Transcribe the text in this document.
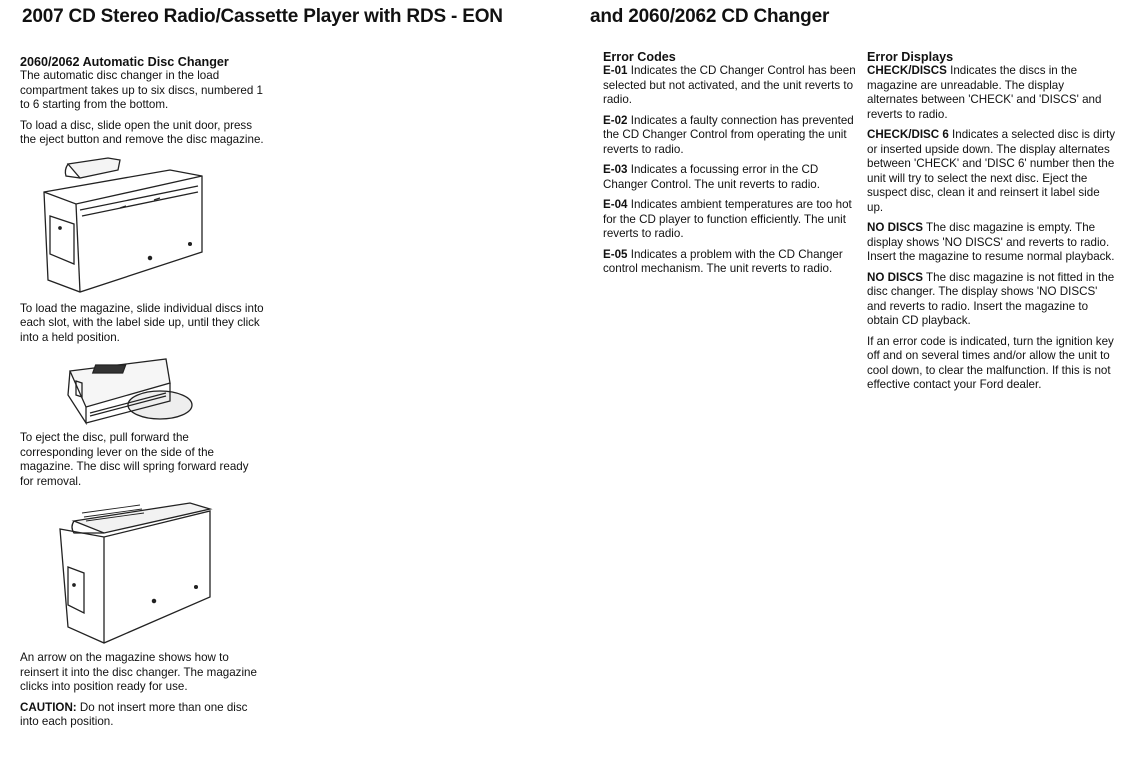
2007 CD Stereo Radio/Cassette Player with RDS - EON	and 2060/2062 CD Changer

2060/2062 Automatic Disc Changer

The automatic disc changer in the load compartment takes up to six discs, numbered 1 to 6 starting from the bottom.

To load a disc, slide open the unit door, press the eject button and remove the disc magazine.

To load the magazine, slide individual discs into each slot, with the label side up, until they click into a held position.

To eject the disc, pull forward the corresponding lever on the side of the magazine. The disc will spring forward ready for removal.

An arrow on the magazine shows how to reinsert it into the disc changer. The magazine clicks into position ready for use.

CAUTION: Do not insert more than one disc into each position.

Error Codes

E-01 Indicates the CD Changer Control has been selected but not activated, and the unit reverts to radio.

E-02 Indicates a faulty connection has prevented the CD Changer Control from operating the unit reverts to radio.

E-03 Indicates a focussing error in the CD Changer Control. The unit reverts to radio.

E-04 Indicates ambient temperatures are too hot for the CD player to function efficiently. The unit reverts to radio.

E-05 Indicates a problem with the CD Changer control mechanism. The unit reverts to radio.

Error Displays

CHECK/DISCS Indicates the discs in the magazine are unreadable. The display alternates between 'CHECK' and 'DISCS' and reverts to radio.

CHECK/DISC 6 Indicates a selected disc is dirty or inserted upside down. The display alternates between 'CHECK' and 'DISC 6' number then the unit will try to select the next disc. Eject the suspect disc, clean it and reinsert it label side up.

NO DISCS The disc magazine is empty. The display shows 'NO DISCS' and reverts to radio. Insert the magazine to resume normal playback.

NO DISCS The disc magazine is not fitted in the disc changer. The display shows 'NO DISCS' and reverts to radio. Insert the magazine to obtain CD playback.

If an error code is indicated, turn the ignition key off and on several times and/or allow the unit to cool down, to clear the malfunction. If this is not effective contact your Ford dealer.
